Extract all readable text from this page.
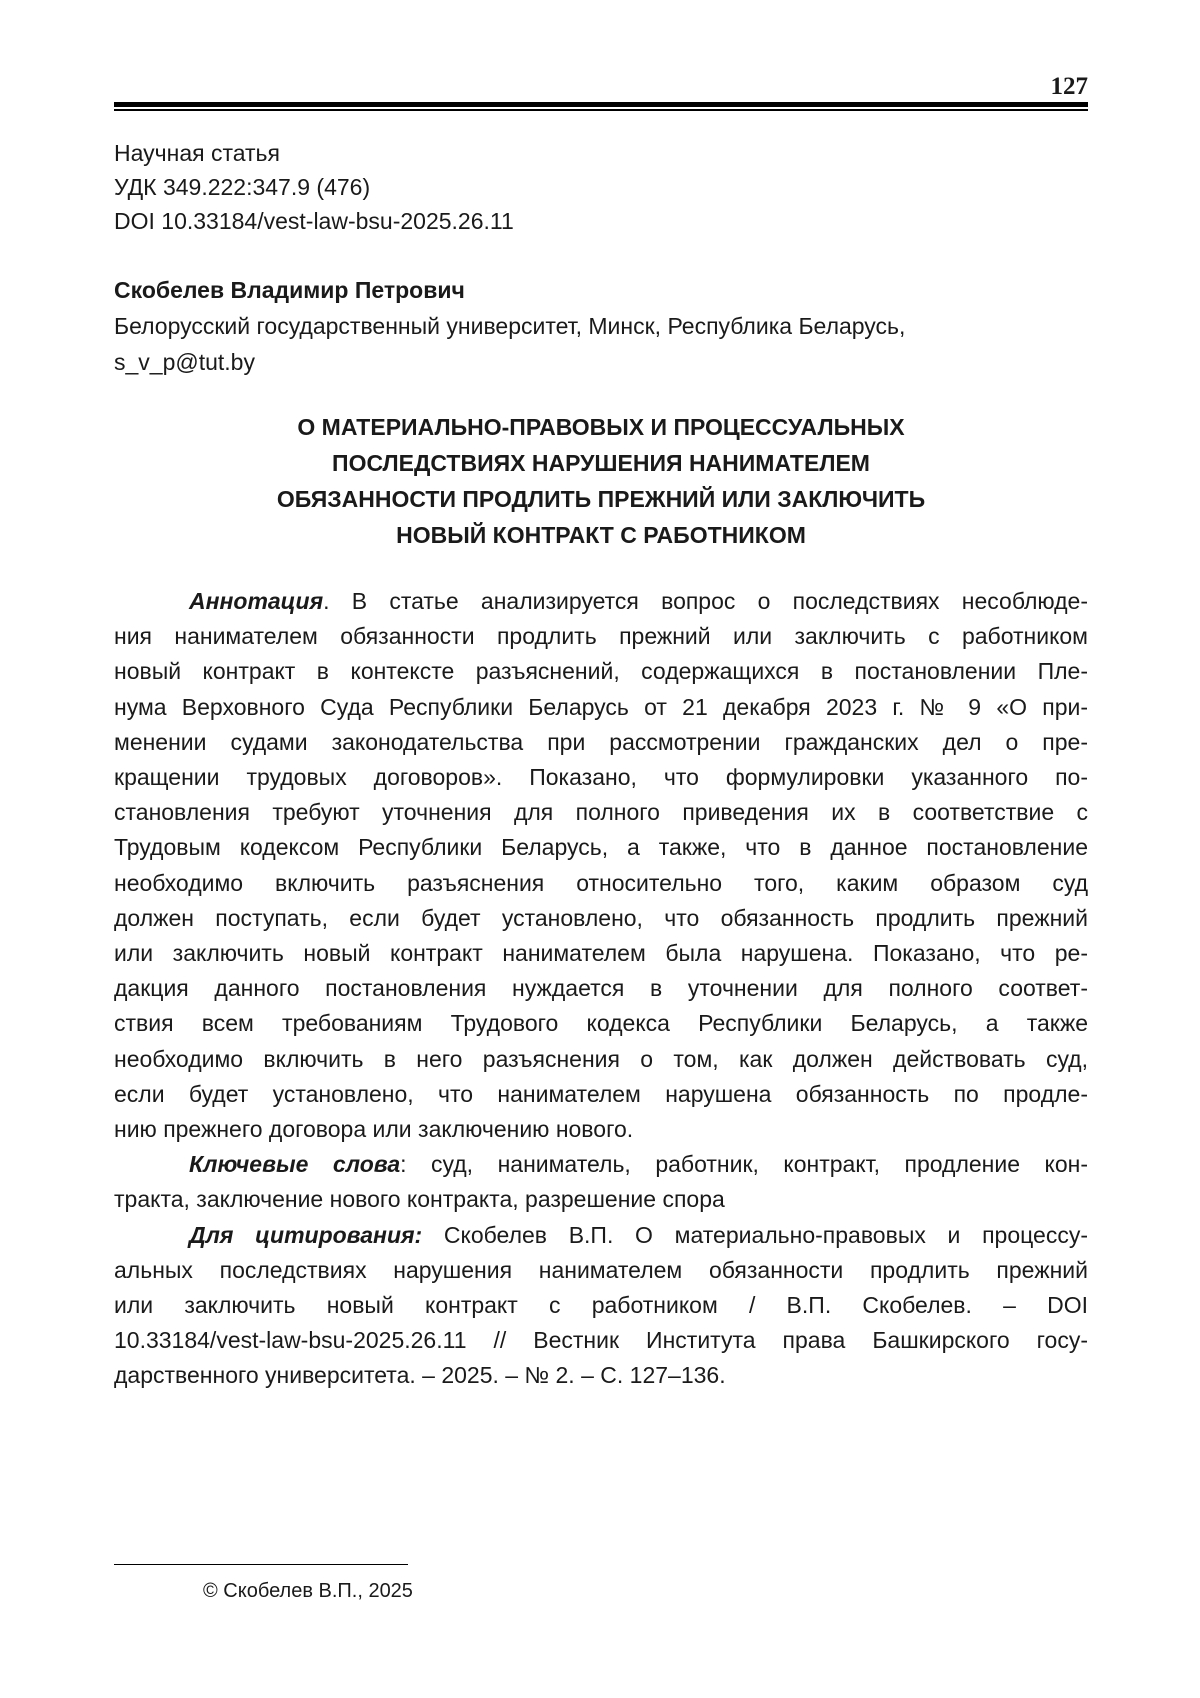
127
Научная статья
УДК 349.222:347.9 (476)
DOI 10.33184/vest-law-bsu-2025.26.11
Скобелев Владимир Петрович
Белорусский государственный университет, Минск, Республика Беларусь,
s_v_p@tut.by
О МАТЕРИАЛЬНО-ПРАВОВЫХ И ПРОЦЕССУАЛЬНЫХ
ПОСЛЕДСТВИЯХ НАРУШЕНИЯ НАНИМАТЕЛЕМ
ОБЯЗАННОСТИ ПРОДЛИТЬ ПРЕЖНИЙ ИЛИ ЗАКЛЮЧИТЬ
НОВЫЙ КОНТРАКТ С РАБОТНИКОМ
Аннотация. В статье анализируется вопрос о последствиях несоблюде-
ния нанимателем обязанности продлить прежний или заключить с работником
новый контракт в контексте разъяснений, содержащихся в постановлении Пле-
нума Верховного Суда Республики Беларусь от 21 декабря 2023 г. № 9 «О при-
менении судами законодательства при рассмотрении гражданских дел о пре-
кращении трудовых договоров». Показано, что формулировки указанного по-
становления требуют уточнения для полного приведения их в соответствие с
Трудовым кодексом Республики Беларусь, а также, что в данное постановление
необходимо включить разъяснения относительно того, каким образом суд
должен поступать, если будет установлено, что обязанность продлить прежний
или заключить новый контракт нанимателем была нарушена. Показано, что ре-
дакция данного постановления нуждается в уточнении для полного соответ-
ствия всем требованиям Трудового кодекса Республики Беларусь, а также
необходимо включить в него разъяснения о том, как должен действовать суд,
если будет установлено, что нанимателем нарушена обязанность по продле-
нию прежнего договора или заключению нового.
Ключевые слова: суд, наниматель, работник, контракт, продление кон-
тракта, заключение нового контракта, разрешение спора
Для цитирования: Скобелев В.П. О материально-правовых и процессу-
альных последствиях нарушения нанимателем обязанности продлить прежний
или заключить новый контракт с работником / В.П. Скобелев. – DOI
10.33184/vest-law-bsu-2025.26.11 // Вестник Института права Башкирского госу-
дарственного университета. – 2025. – № 2. – С. 127–136.
© Скобелев В.П., 2025
